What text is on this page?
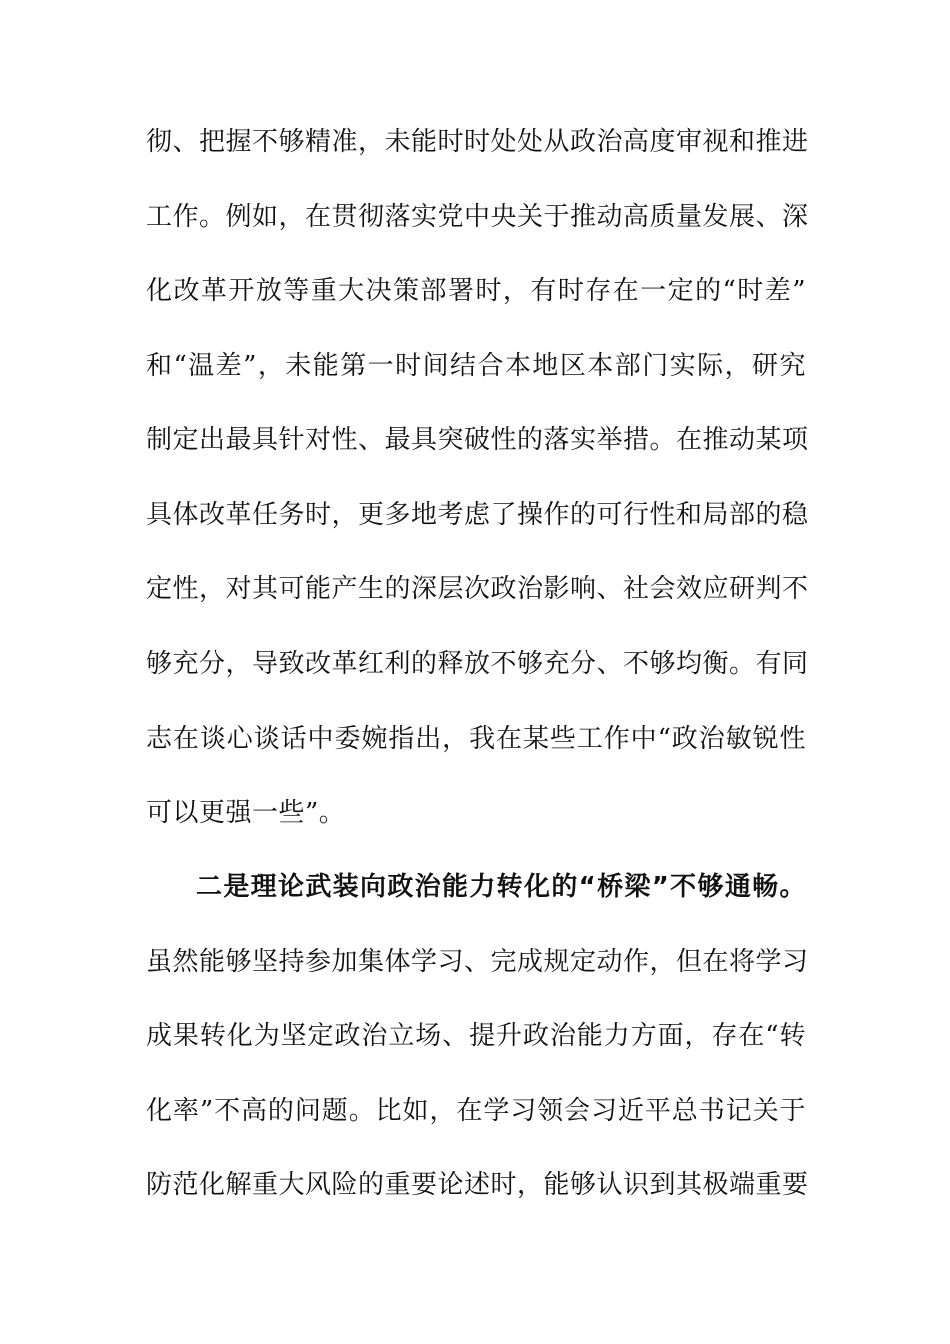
彻、把握不够精准，未能时时处处从政治高度审视和推进
工作。例如，在贯彻落实党中央关于推动高质量发展、深
化改革开放等重大决策部署时，有时存在一定的“时差”
和“温差”，未能第一时间结合本地区本部门实际，研究
制定出最具针对性、最具突破性的落实举措。在推动某项
具体改革任务时，更多地考虑了操作的可行性和局部的稳
定性，对其可能产生的深层次政治影响、社会效应研判不
够充分，导致改革红利的释放不够充分、不够均衡。有同
志在谈心谈话中委婉指出，我在某些工作中“政治敏锐性
可以更强一些”。
二是理论武装向政治能力转化的“桥梁”不够通畅。
虽然能够坚持参加集体学习、完成规定动作，但在将学习
成果转化为坚定政治立场、提升政治能力方面，存在“转
化率”不高的问题。比如，在学习领会习近平总书记关于
防范化解重大风险的重要论述时，能够认识到其极端重要
